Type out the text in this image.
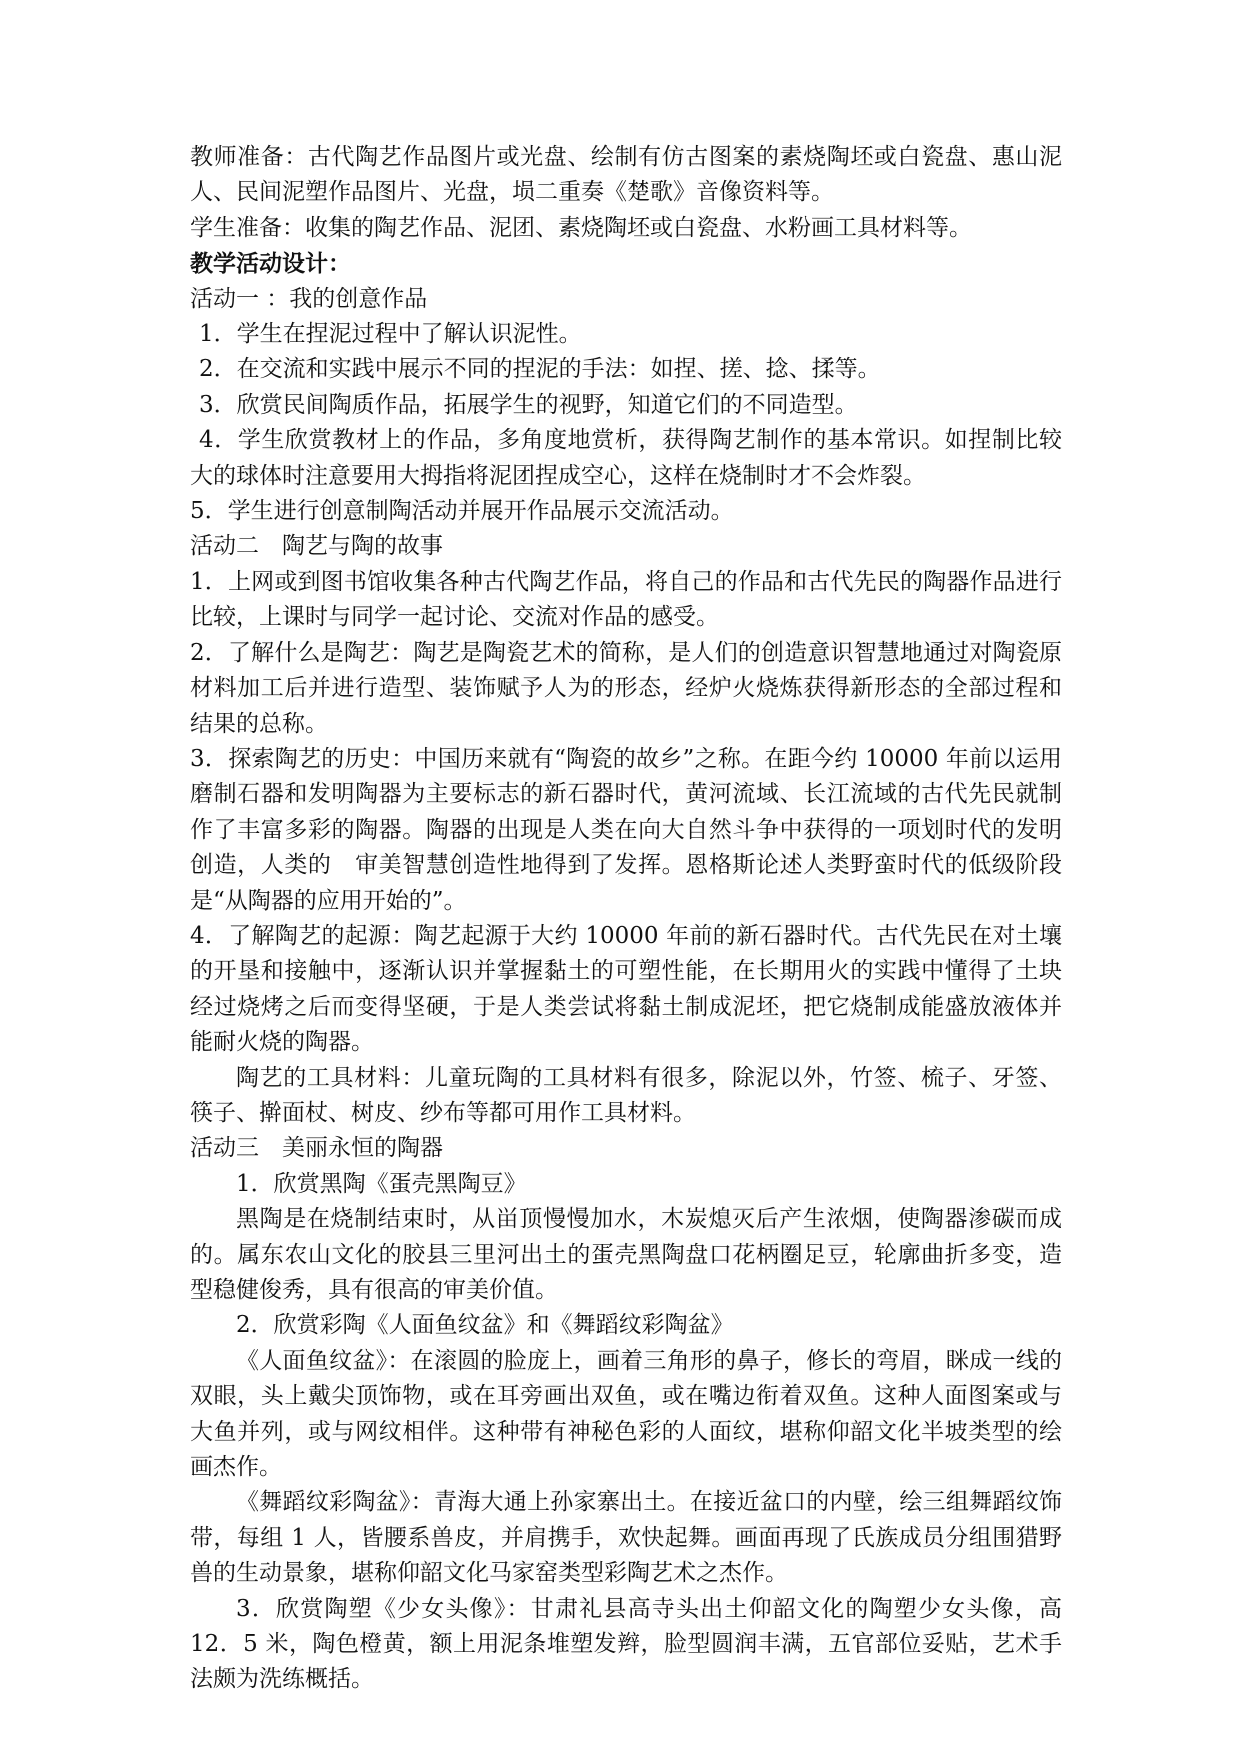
教师准备：古代陶艺作品图片或光盘、绘制有仿古图案的素烧陶坯或白瓷盘、惠山泥　人、民间泥塑作品图片、光盘，埙二重奏《楚歌》音像资料等。

学生准备：收集的陶艺作品、泥团、素烧陶坯或白瓷盘、水粉画工具材料等。

教学活动设计：

活动一 ：我的创意作品

1．学生在捏泥过程中了解认识泥性。

2．在交流和实践中展示不同的捏泥的手法：如捏、搓、捻、揉等。

3．欣赏民间陶质作品，拓展学生的视野，知道它们的不同造型。

4．学生欣赏教材上的作品，多角度地赏析，获得陶艺制作的基本常识。如捏制比较大的球体时注意要用大拇指将泥团捏成空心，这样在烧制时才不会炸裂。

5．学生进行创意制陶活动并展开作品展示交流活动。

活动二　陶艺与陶的故事

1．上网或到图书馆收集各种古代陶艺作品，将自己的作品和古代先民的陶器作品进行比较，上课时与同学一起讨论、交流对作品的感受。

2．了解什么是陶艺：陶艺是陶瓷艺术的简称，是人们的创造意识智慧地通过对陶瓷原材料加工后并进行造型、装饰赋予人为的形态，经炉火烧炼获得新形态的全部过程和结果的总称。

3．探索陶艺的历史：中国历来就有“陶瓷的故乡”之称。在距今约 10000 年前以运用磨制石器和发明陶器为主要标志的新石器时代，黄河流域、长江流域的古代先民就制作了丰富多彩的陶器。陶器的出现是人类在向大自然斗争中获得的一项划时代的发明创造，人类的　审美智慧创造性地得到了发挥。恩格斯论述人类野蛮时代的低级阶段是“从陶器的应用开始的”。

4．了解陶艺的起源：陶艺起源于大约 10000 年前的新石器时代。古代先民在对土壤的开垦和接触中，逐渐认识并掌握黏土的可塑性能，在长期用火的实践中懂得了土块经过烧烤之后而变得坚硬，于是人类尝试将黏土制成泥坯，把它烧制成能盛放液体并能耐火烧的陶器。

陶艺的工具材料：儿童玩陶的工具材料有很多，除泥以外，竹签、梳子、牙签、筷子、擀面杖、树皮、纱布等都可用作工具材料。

活动三　美丽永恒的陶器

1．欣赏黑陶《蛋壳黑陶豆》

黑陶是在烧制结束时，从畄顶慢慢加水，木炭熄灭后产生浓烟，使陶器渗碳而成的。属东农山文化的胶县三里河出土的蛋壳黑陶盘口花柄圈足豆，轮廓曲折多变，造型稳健俊秀，具有很高的审美价值。

2．欣赏彩陶《人面鱼纹盆》和《舞蹈纹彩陶盆》

《人面鱼纹盆》：在滚圆的脸庞上，画着三角形的鼻子，修长的弯眉，眯成一线的双眼，头上戴尖顶饰物，或在耳旁画出双鱼，或在嘴边衔着双鱼。这种人面图案或与大鱼并列，或与网纹相伴。这种带有神秘色彩的人面纹，堪称仰韶文化半坡类型的绘画杰作。

《舞蹈纹彩陶盆》：青海大通上孙家寨出土。在接近盆口的内壁，绘三组舞蹈纹饰带，每组 1 人，皆腰系兽皮，并肩携手，欢快起舞。画面再现了氏族成员分组围猎野兽的生动景象，堪称仰韶文化马家窑类型彩陶艺术之杰作。

3．欣赏陶塑《少女头像》：甘肃礼县高寺头出土仰韶文化的陶塑少女头像，高 12．5 米，陶色橙黄，额上用泥条堆塑发辫，脸型圆润丰满，五官部位妥贴，艺术手法颇为洗练概括。
